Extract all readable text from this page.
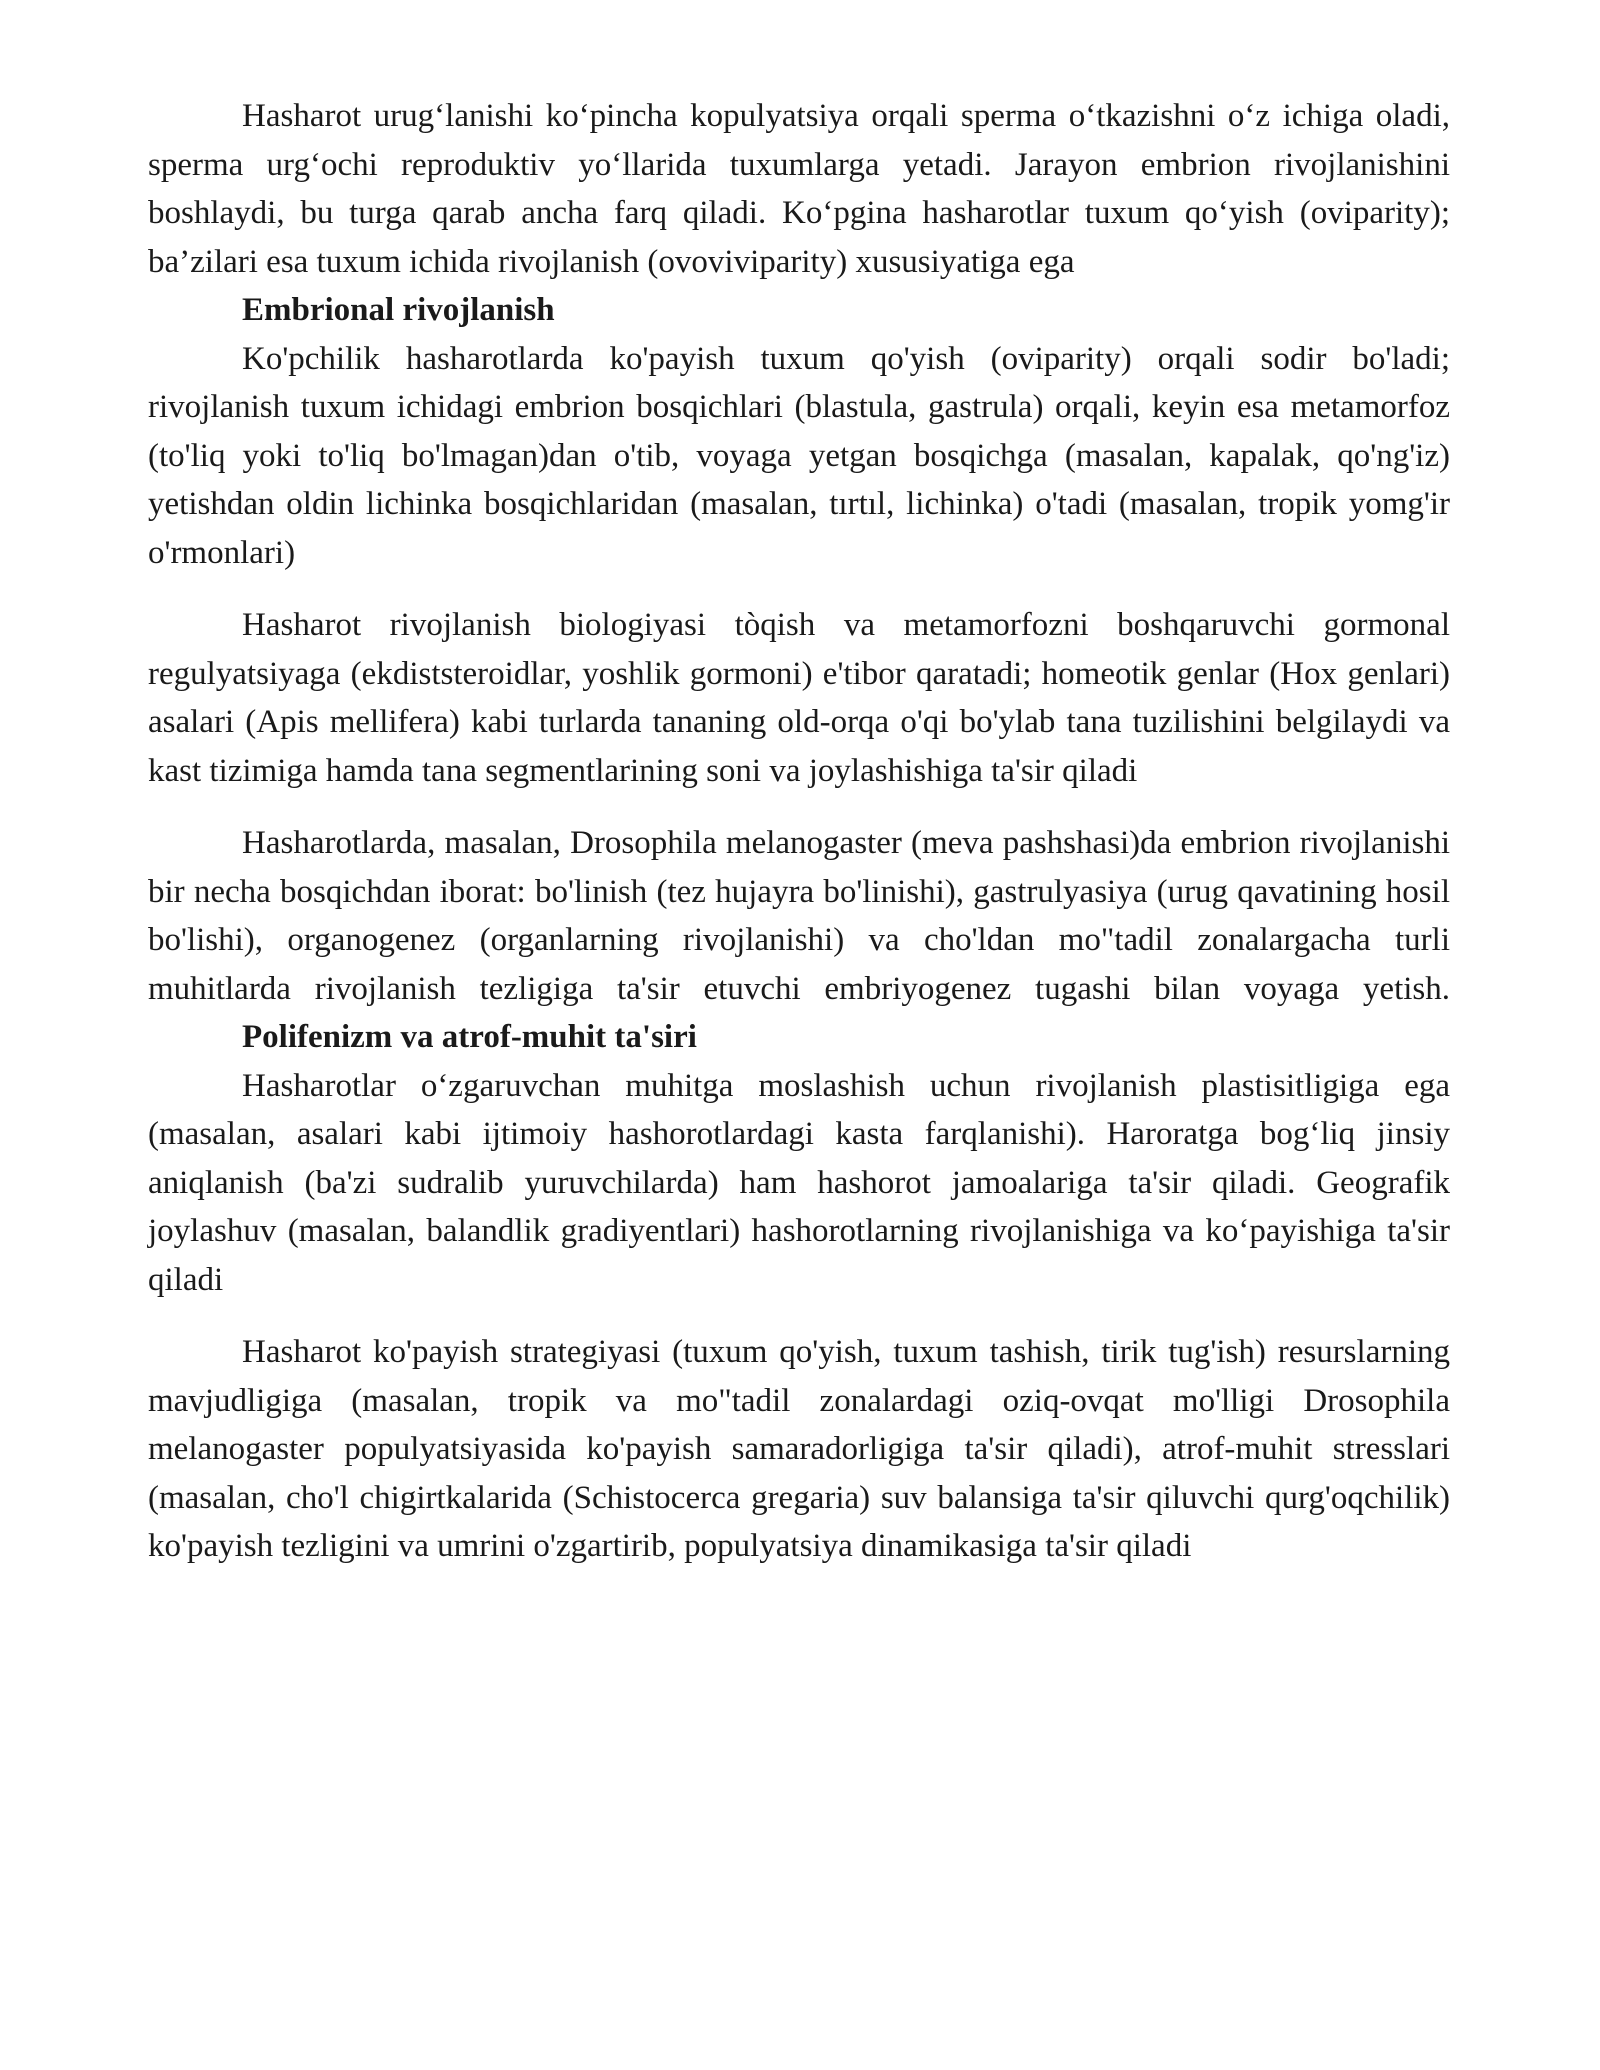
Hasharot urug‘lanishi ko‘pincha kopulyatsiya orqali sperma o‘tkazishni o‘z ichiga oladi, sperma urg‘ochi reproduktiv yo‘llarida tuxumlarga yetadi. Jarayon embrion rivojlanishini boshlaydi, bu turga qarab ancha farq qiladi. Ko‘pgina hasharotlar tuxum qo‘yish (oviparity); ba’zilari esa tuxum ichida rivojlanish (ovoviviparity) xususiyatiga ega

Embrional rivojlanish

Ko'pchilik hasharotlarda ko'payish tuxum qo'yish (oviparity) orqali sodir bo'ladi; rivojlanish tuxum ichidagi embrion bosqichlari (blastula, gastrula) orqali, keyin esa metamorfoz (to'liq yoki to'liq bo'lmagan)dan o'tib, voyaga yetgan bosqichga (masalan, kapalak, qo'ng'iz) yetishdan oldin lichinka bosqichlaridan (masalan, tırtıl, lichinka) o'tadi (masalan, tropik yomg'ir o'rmonlari)

Hasharot rivojlanish biologiyasi tòqish va metamorfozni boshqaruvchi gormonal regulyatsiyaga (ekdiststeroidlar, yoshlik gormoni) e'tibor qaratadi; homeotik genlar (Hox genlari) asalari (Apis mellifera) kabi turlarda tananing old-orqa o'qi bo'ylab tana tuzilishini belgilaydi va kast tizimiga hamda tana segmentlarining soni va joylashishiga ta'sir qiladi

Hasharotlarda, masalan, Drosophila melanogaster (meva pashshasi)da embrion rivojlanishi bir necha bosqichdan iborat: bo'linish (tez hujayra bo'linishi), gastrulyasiya (urug qavatining hosil bo'lishi), organogenez (organlarning rivojlanishi) va cho'ldan mo"tadil zonalargacha turli muhitlarda rivojlanish tezligiga ta'sir etuvchi embriyogenez tugashi bilan voyaga yetish.

Polifenizm va atrof-muhit ta'siri

Hasharotlar o‘zgaruvchan muhitga moslashish uchun rivojlanish plastisitligiga ega (masalan, asalari kabi ijtimoiy hashorotlardagi kasta farqlanishi). Haroratga bog‘liq jinsiy aniqlanish (ba'zi sudralib yuruvchilarda) ham hashorot jamoalariga ta'sir qiladi. Geografik joylashuv (masalan, balandlik gradiyentlari) hashorotlarning rivojlanishiga va ko‘payishiga ta'sir qiladi

Hasharot ko'payish strategiyasi (tuxum qo'yish, tuxum tashish, tirik tug'ish) resurslarning mavjudligiga (masalan, tropik va mo"tadil zonalardagi oziq-ovqat mo'lligi Drosophila melanogaster populyatsiyasida ko'payish samaradorligiga ta'sir qiladi), atrof-muhit stresslari (masalan, cho'l chigirtkalarida (Schistocerca gregaria) suv balansiga ta'sir qiluvchi qurg'oqchilik) ko'payish tezligini va umrini o'zgartirib, populyatsiya dinamikasiga ta'sir qiladi
